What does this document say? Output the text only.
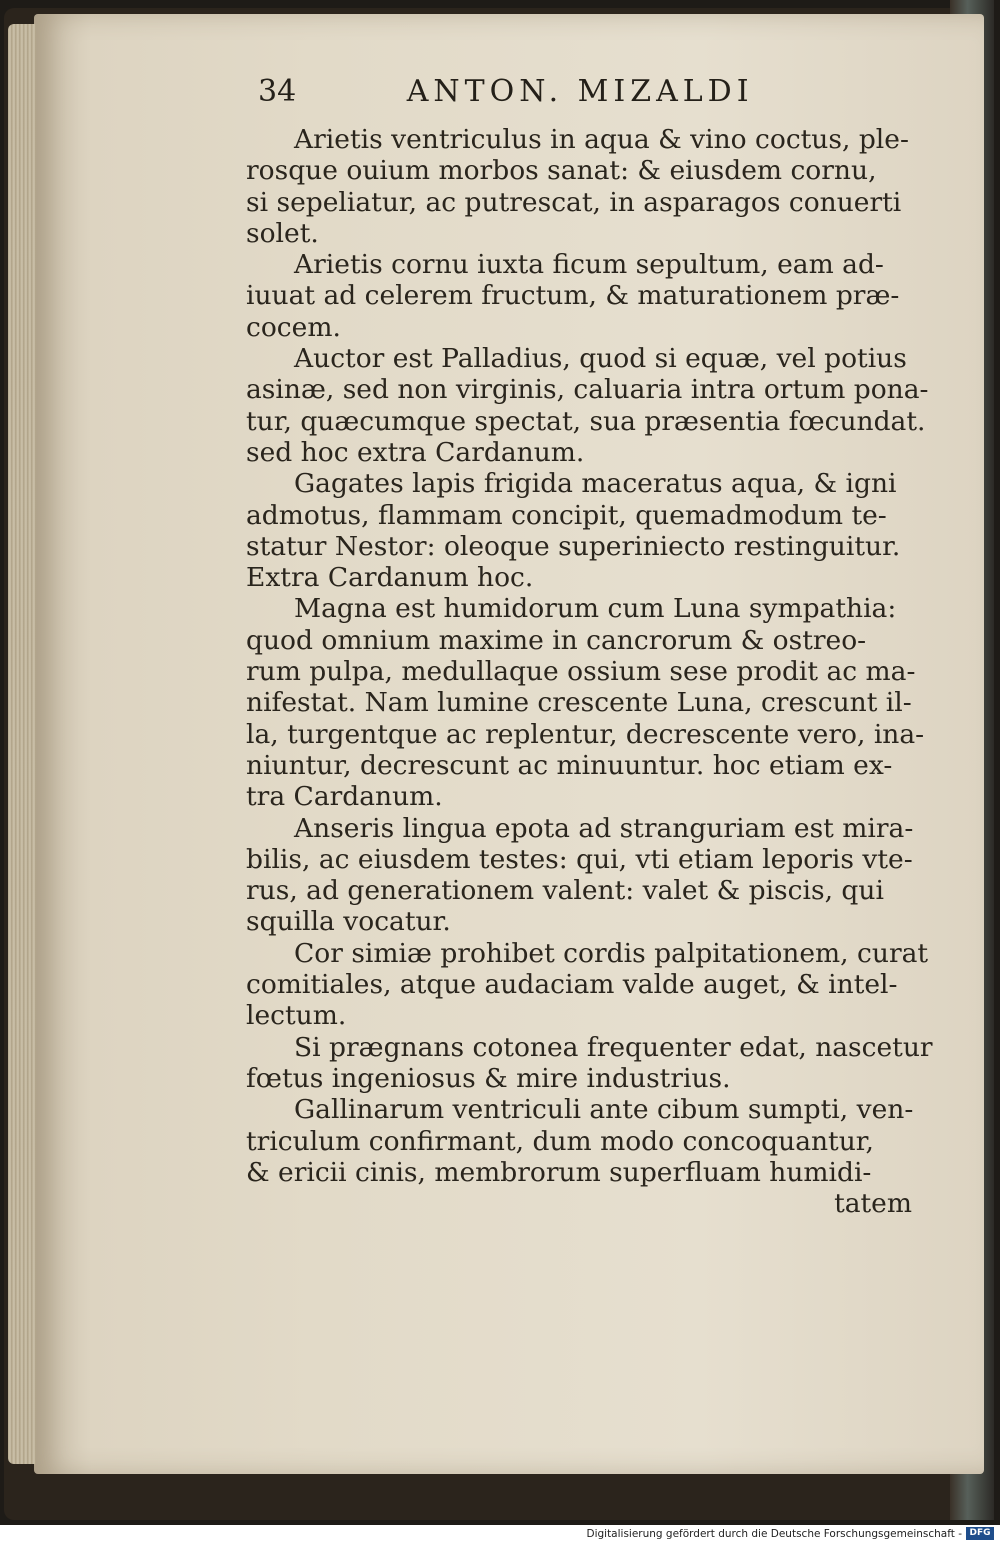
34	ANTON. MIZALDI
Arietis ventriculus in aqua & vino coctus, ple-
rosque ouium morbos sanat: & eiusdem cornu,
si sepeliatur, ac putrescat, in asparagos conuerti
solet.
Arietis cornu iuxta ficum sepultum, eam ad-
iuuat ad celerem fructum, & maturationem præ-
cocem.
Auctor est Palladius, quod si equæ, vel potius
asinæ, sed non virginis, caluaria intra ortum pona-
tur, quæcumque spectat, sua præsentia fœcundat.
sed hoc extra Cardanum.
Gagates lapis frigida maceratus aqua, & igni
admotus, flammam concipit, quemadmodum te-
statur Nestor: oleoque superiniecto restinguitur.
Extra Cardanum hoc.
Magna est humidorum cum Luna sympathia:
quod omnium maxime in cancrorum & ostreo-
rum pulpa, medullaque ossium sese prodit ac ma-
nifestat. Nam lumine crescente Luna, crescunt il-
la, turgentque ac replentur, decrescente vero, ina-
niuntur, decrescunt ac minuuntur. hoc etiam ex-
tra Cardanum.
Anseris lingua epota ad stranguriam est mira-
bilis, ac eiusdem testes: qui, vti etiam leporis vte-
rus, ad generationem valent: valet & piscis, qui
squilla vocatur.
Cor simiæ prohibet cordis palpitationem, curat
comitiales, atque audaciam valde auget, & intel-
lectum.
Si prægnans cotonea frequenter edat, nascetur
fœtus ingeniosus & mire industrius.
Gallinarum ventriculi ante cibum sumpti, ven-
triculum confirmant, dum modo concoquantur,
& ericii cinis, membrorum superfluam humidi-
tatem
Digitalisierung gefördert durch die Deutsche Forschungsgemeinschaft - DFG
